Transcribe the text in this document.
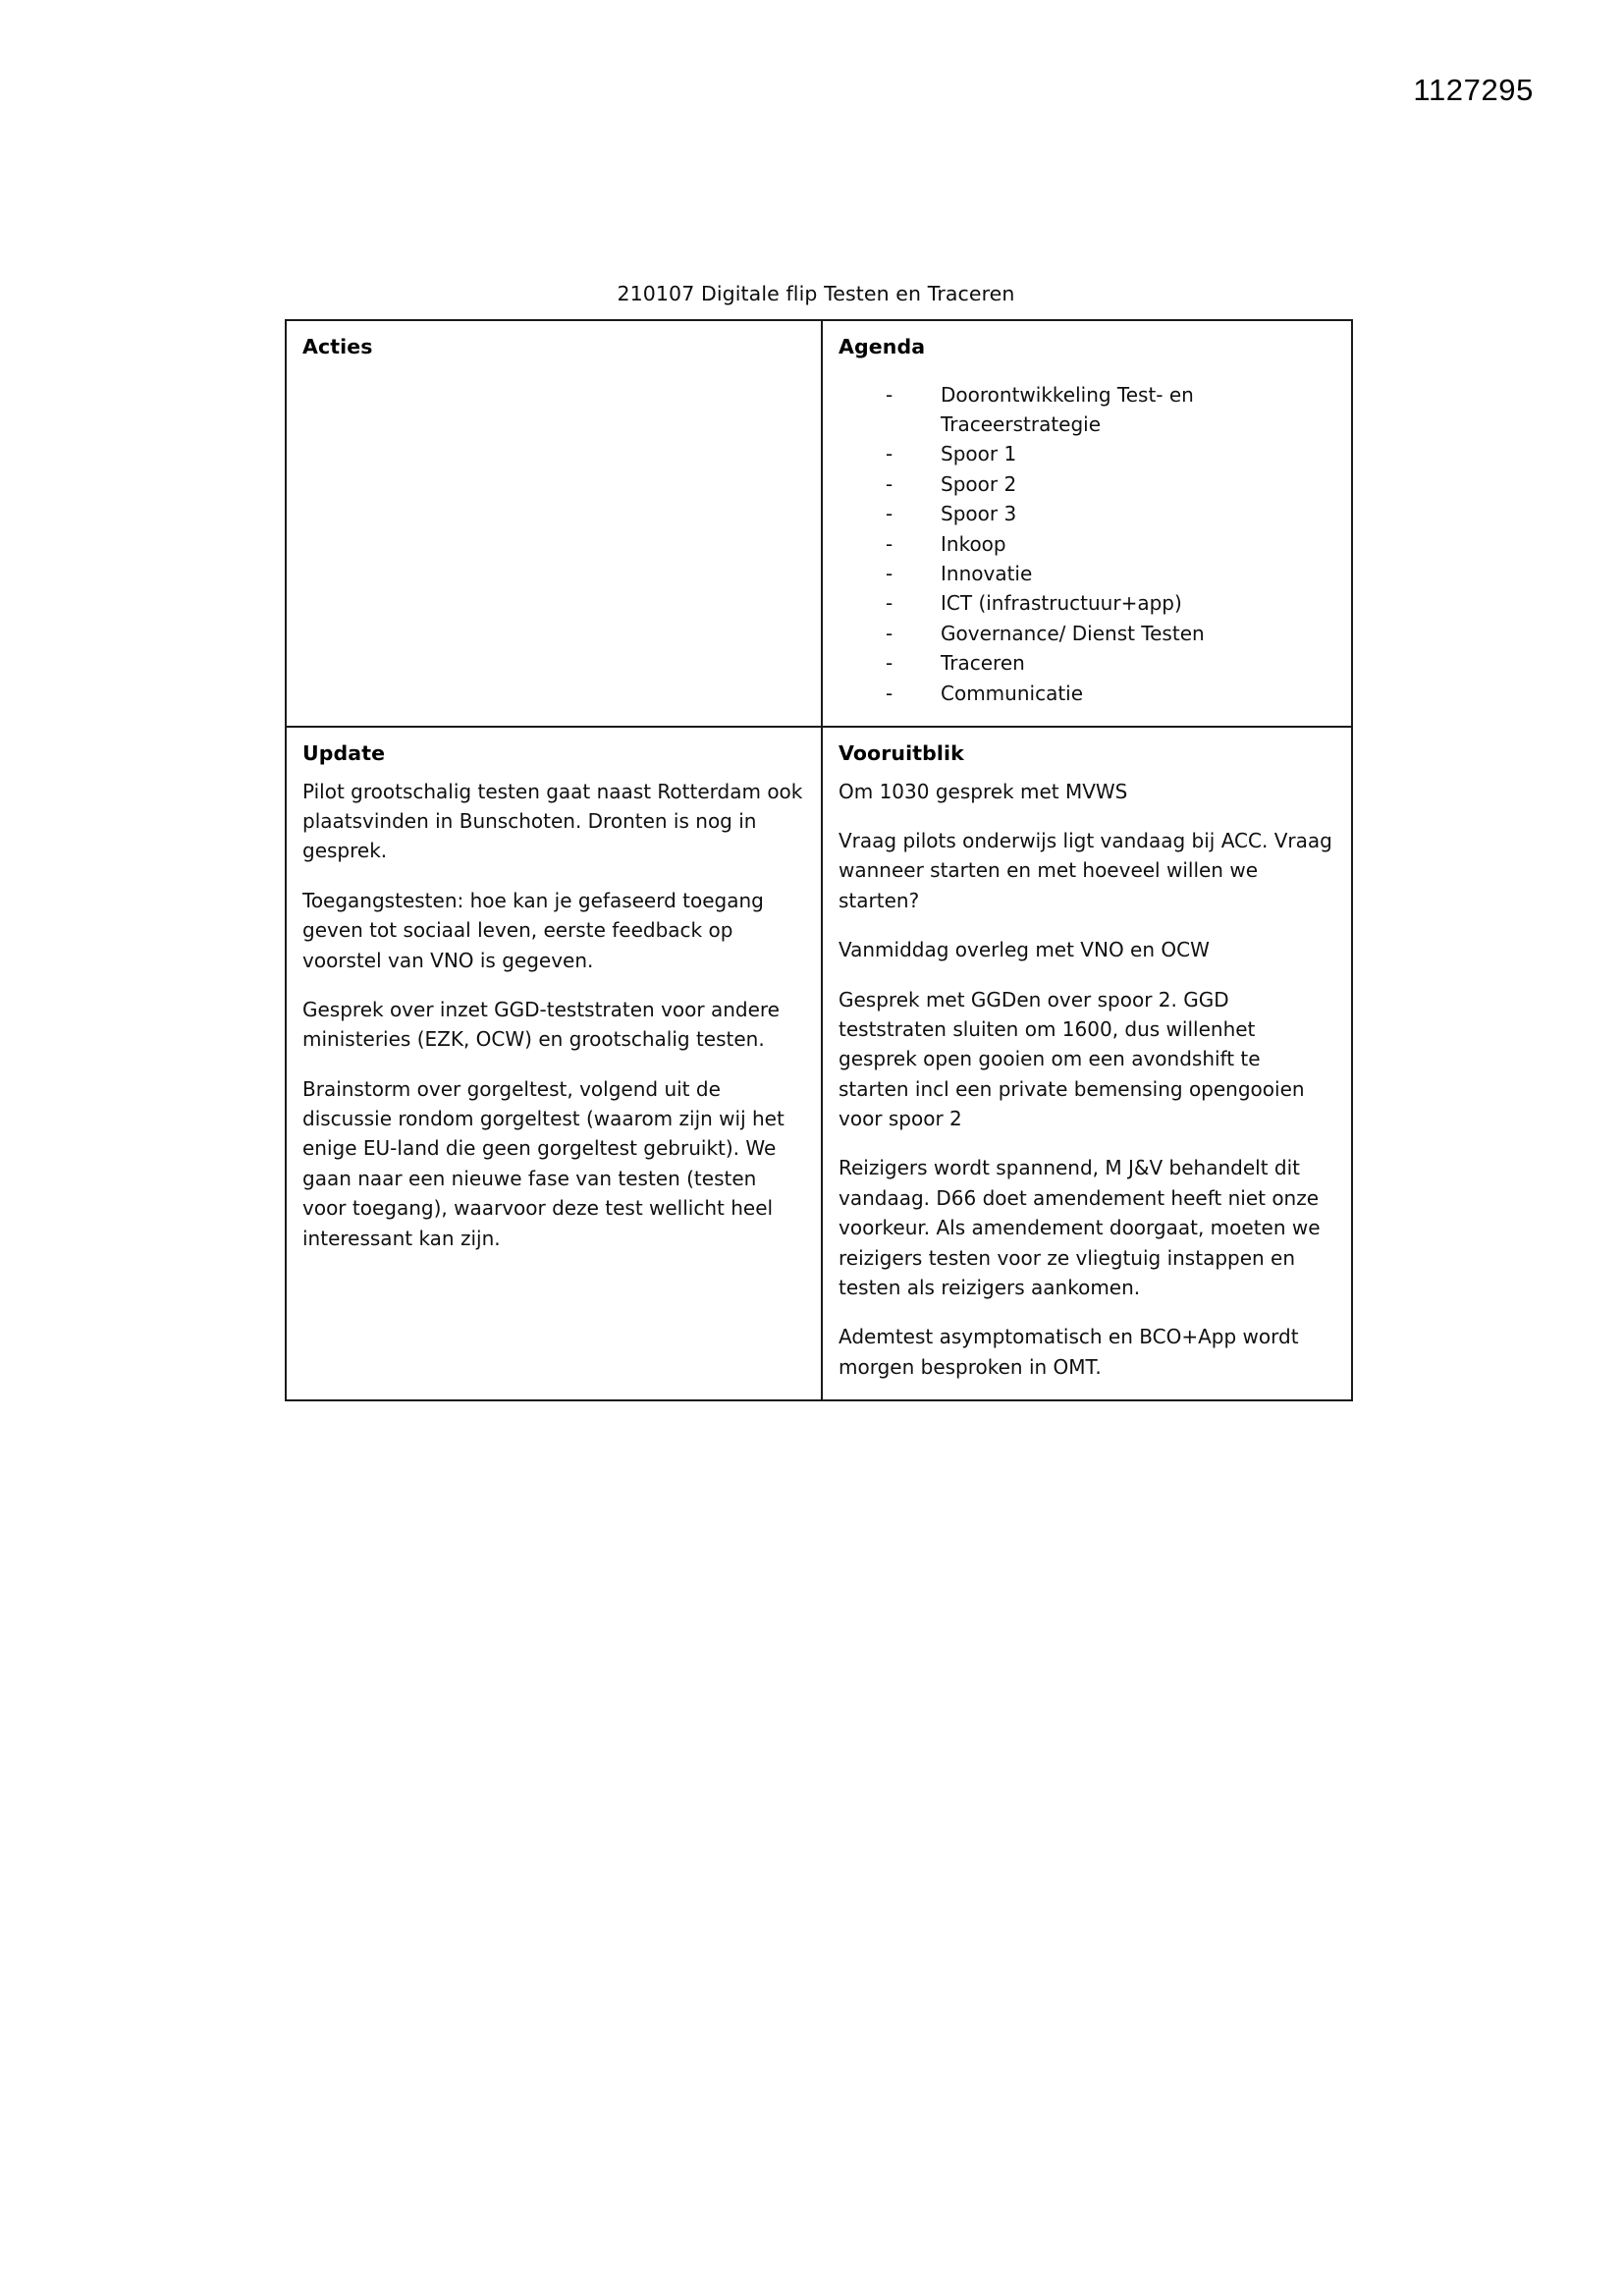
1127295
210107 Digitale flip Testen en Traceren
Acties	Agenda
-	Doorontwikkeling Test- en Traceerstrategie
-	Spoor 1
-	Spoor 2
-	Spoor 3
-	Inkoop
-	Innovatie
-	ICT (infrastructuur+app)
-	Governance/ Dienst Testen
-	Traceren
-	Communicatie

Update

Pilot grootschalig testen gaat naast Rotterdam ook plaatsvinden in Bunschoten. Dronten is nog in gesprek.

Toegangstesten: hoe kan je gefaseerd toegang geven tot sociaal leven, eerste feedback op voorstel van VNO is gegeven.

Gesprek over inzet GGD-teststraten voor andere ministeries (EZK, OCW) en grootschalig testen.

Brainstorm over gorgeltest, volgend uit de discussie rondom gorgeltest (waarom zijn wij het enige EU-land die geen gorgeltest gebruikt). We gaan naar een nieuwe fase van testen (testen voor toegang), waarvoor deze test wellicht heel interessant kan zijn.

Vooruitblik

Om 1030 gesprek met MVWS

Vraag pilots onderwijs ligt vandaag bij ACC. Vraag wanneer starten en met hoeveel willen we starten?

Vanmiddag overleg met VNO en OCW

Gesprek met GGDen over spoor 2. GGD teststraten sluiten om 1600, dus willenhet gesprek open gooien om een avondshift te starten incl een private bemensing opengooien voor spoor 2

Reizigers wordt spannend, M J&V behandelt dit vandaag. D66 doet amendement heeft niet onze voorkeur. Als amendement doorgaat, moeten we reizigers testen voor ze vliegtuig instappen en testen als reizigers aankomen.

Ademtest asymptomatisch en BCO+App wordt morgen besproken in OMT.
